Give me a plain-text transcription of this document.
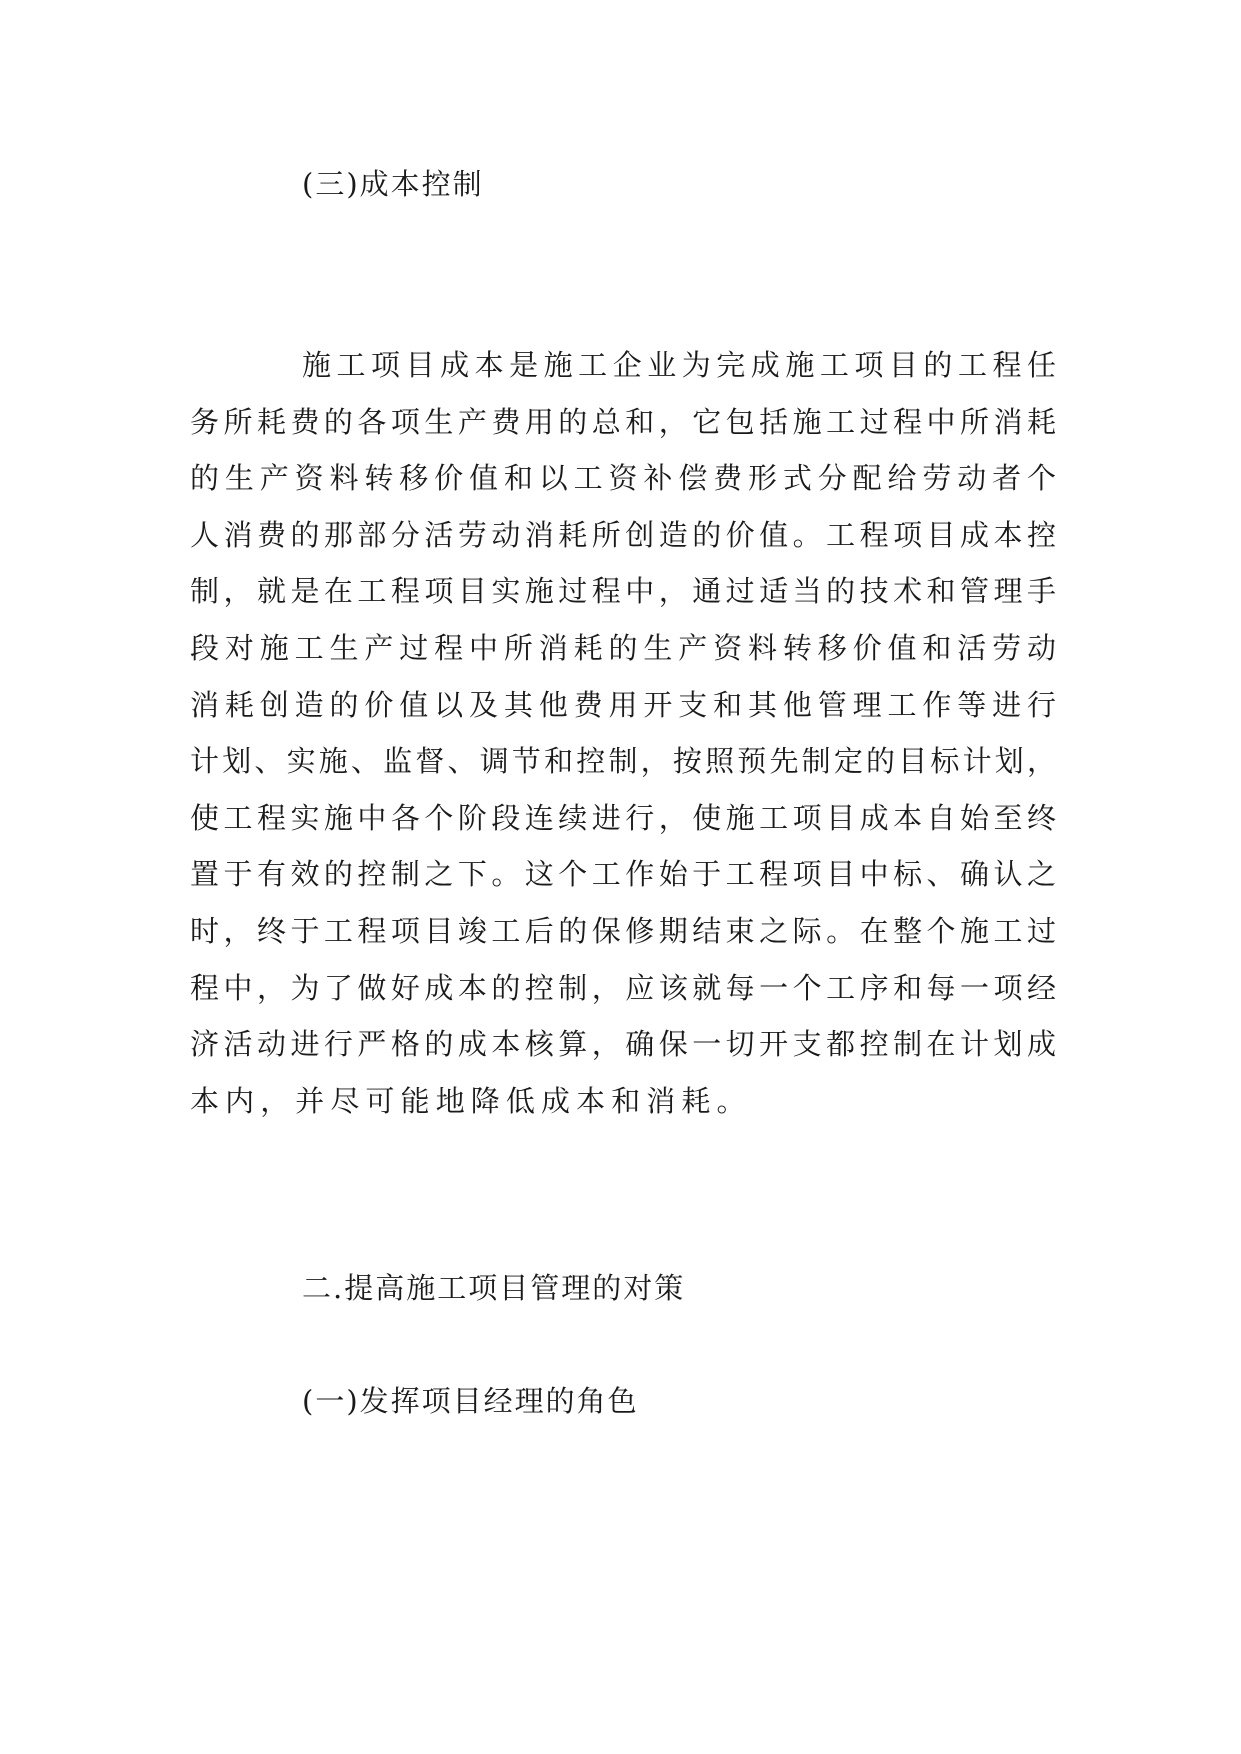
(三)成本控制
施工项目成本是施工企业为完成施工项目的工程任
务所耗费的各项生产费用的总和，它包括施工过程中所消耗
的生产资料转移价值和以工资补偿费形式分配给劳动者个
人消费的那部分活劳动消耗所创造的价值。工程项目成本控
制，就是在工程项目实施过程中，通过适当的技术和管理手
段对施工生产过程中所消耗的生产资料转移价值和活劳动
消耗创造的价值以及其他费用开支和其他管理工作等进行
计划、实施、监督、调节和控制，按照预先制定的目标计划，
使工程实施中各个阶段连续进行，使施工项目成本自始至终
置于有效的控制之下。这个工作始于工程项目中标、确认之
时，终于工程项目竣工后的保修期结束之际。在整个施工过
程中，为了做好成本的控制，应该就每一个工序和每一项经
济活动进行严格的成本核算，确保一切开支都控制在计划成
本内，并尽可能地降低成本和消耗。
二.提高施工项目管理的对策
(一)发挥项目经理的角色
